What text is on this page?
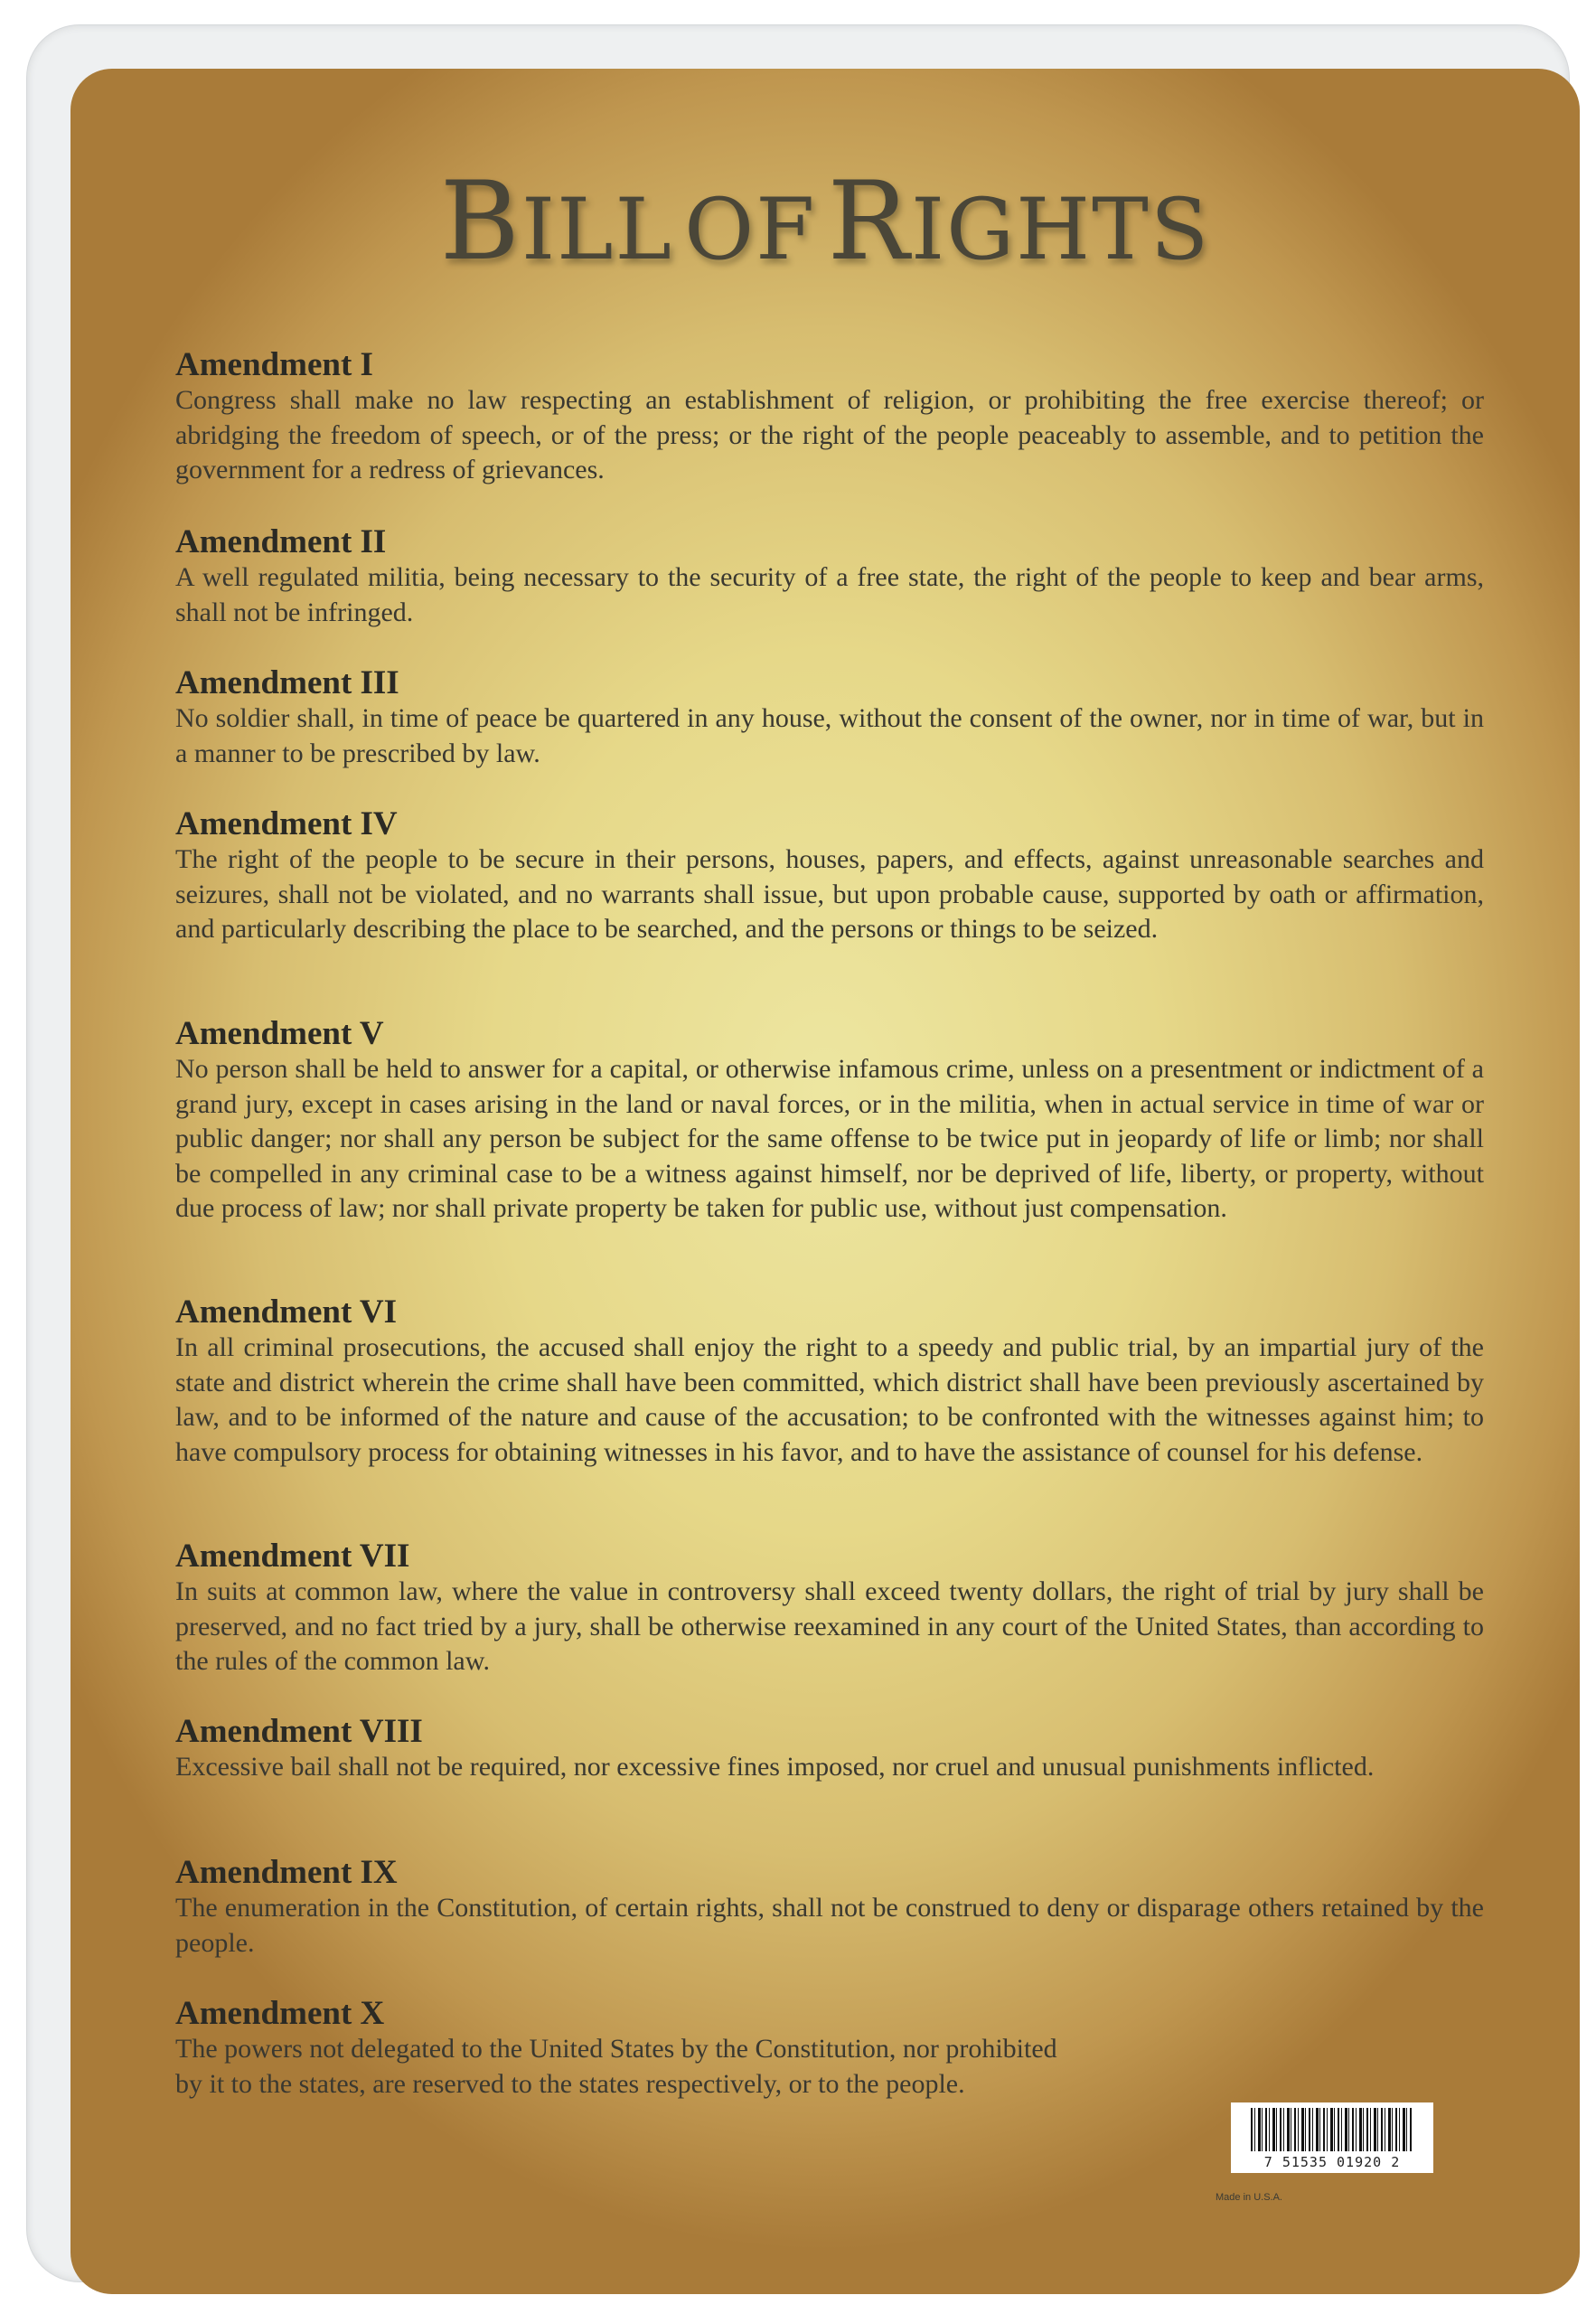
BILL OF RIGHTS
Amendment I

Congress shall make no law respecting an establishment of religion, or prohibiting the free exercise thereof; or abridging the freedom of speech, or of the press; or the right of the people peaceably to assemble, and to petition the government for a redress of grievances.

Amendment II

A well regulated militia, being necessary to the security of a free state, the right of the people to keep and bear arms, shall not be infringed.

Amendment III

No soldier shall, in time of peace be quartered in any house, without the consent of the owner, nor in time of war, but in a manner to be prescribed by law.

Amendment IV

The right of the people to be secure in their persons, houses, papers, and effects, against unreasonable searches and seizures, shall not be violated, and no warrants shall issue, but upon probable cause, supported by oath or affirmation, and particularly describing the place to be searched, and the persons or things to be seized.

Amendment V

No person shall be held to answer for a capital, or otherwise infamous crime, unless on a presentment or indictment of a grand jury, except in cases arising in the land or naval forces, or in the militia, when in actual service in time of war or public danger; nor shall any person be subject for the same offense to be twice put in jeopardy of life or limb; nor shall be compelled in any criminal case to be a witness against himself, nor be deprived of life, liberty, or property, without due process of law; nor shall private property be taken for public use, without just compensation.

Amendment VI

In all criminal prosecutions, the accused shall enjoy the right to a speedy and public trial, by an impartial jury of the state and district wherein the crime shall have been committed, which district shall have been previously ascertained by law, and to be informed of the nature and cause of the accusation; to be confronted with the witnesses against him; to have compulsory process for obtaining witnesses in his favor, and to have the assistance of counsel for his defense.

Amendment VII

In suits at common law, where the value in controversy shall exceed twenty dollars, the right of trial by jury shall be preserved, and no fact tried by a jury, shall be otherwise reexamined in any court of the United States, than according to the rules of the common law.

Amendment VIII

Excessive bail shall not be required, nor excessive fines imposed, nor cruel and unusual punishments inflicted.

Amendment IX

The enumeration in the Constitution, of certain rights, shall not be construed to deny or disparage others retained by the people.

Amendment X

The powers not delegated to the United States by the Constitution, nor prohibited

by it to the states, are reserved to the states respectively, or to the people.

7 51535 01920 2
Made in U.S.A.
